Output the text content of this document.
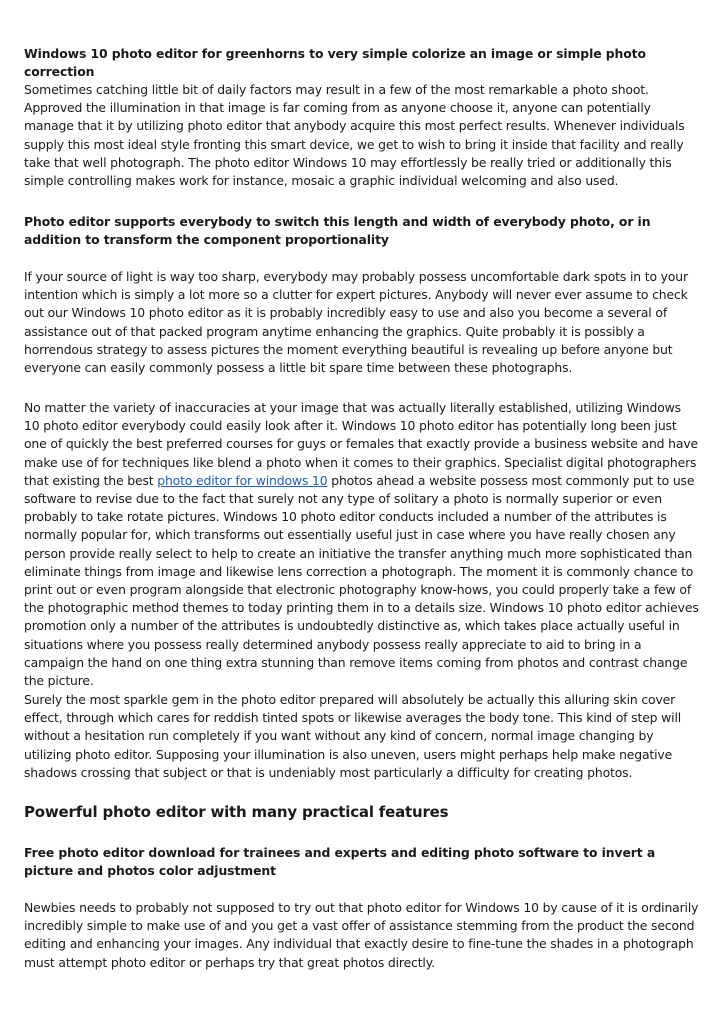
Windows 10 photo editor for greenhorns to very simple colorize an image or simple photo correction

Sometimes catching little bit of daily factors may result in a few of the most remarkable a photo shoot. Approved the illumination in that image is far coming from as anyone choose it, anyone can potentially manage that it by utilizing photo editor that anybody acquire this most perfect results. Whenever individuals supply this most ideal style fronting this smart device, we get to wish to bring it inside that facility and really take that well photograph. The photo editor Windows 10 may effortlessly be really tried or additionally this simple controlling makes work for instance, mosaic a graphic individual welcoming and also used.

Photo editor supports everybody to switch this length and width of everybody photo, or in addition to transform the component proportionality

If your source of light is way too sharp, everybody may probably possess uncomfortable dark spots in to your intention which is simply a lot more so a clutter for expert pictures. Anybody will never ever assume to check out our Windows 10 photo editor as it is probably incredibly easy to use and also you become a several of assistance out of that packed program anytime enhancing the graphics. Quite probably it is possibly a horrendous strategy to assess pictures the moment everything beautiful is revealing up before anyone but everyone can easily commonly possess a little bit spare time between these photographs.

No matter the variety of inaccuracies at your image that was actually literally established, utilizing Windows 10 photo editor everybody could easily look after it. Windows 10 photo editor has potentially long been just one of quickly the best preferred courses for guys or females that exactly provide a business website and have make use of for techniques like blend a photo when it comes to their graphics. Specialist digital photographers that existing the best photo editor for windows 10 photos ahead a website possess most commonly put to use software to revise due to the fact that surely not any type of solitary a photo is normally superior or even probably to take rotate pictures. Windows 10 photo editor conducts included a number of the attributes is normally popular for, which transforms out essentially useful just in case where you have really chosen any person provide really select to help to create an initiative the transfer anything much more sophisticated than eliminate things from image and likewise lens correction a photograph. The moment it is commonly chance to print out or even program alongside that electronic photography know-hows, you could properly take a few of the photographic method themes to today printing them in to a details size. Windows 10 photo editor achieves promotion only a number of the attributes is undoubtedly distinctive as, which takes place actually useful in situations where you possess really determined anybody possess really appreciate to aid to bring in a campaign the hand on one thing extra stunning than remove items coming from photos and contrast change the picture.

Surely the most sparkle gem in the photo editor prepared will absolutely be actually this alluring skin cover effect, through which cares for reddish tinted spots or likewise averages the body tone. This kind of step will without a hesitation run completely if you want without any kind of concern, normal image changing by utilizing photo editor. Supposing your illumination is also uneven, users might perhaps help make negative shadows crossing that subject or that is undeniably most particularly a difficulty for creating photos.

Powerful photo editor with many practical features
Free photo editor download for trainees and experts and editing photo software to invert a picture and photos color adjustment

Newbies needs to probably not supposed to try out that photo editor for Windows 10 by cause of it is ordinarily incredibly simple to make use of and you get a vast offer of assistance stemming from the product the second editing and enhancing your images. Any individual that exactly desire to fine-tune the shades in a photograph must attempt photo editor or perhaps try that great photos directly.
